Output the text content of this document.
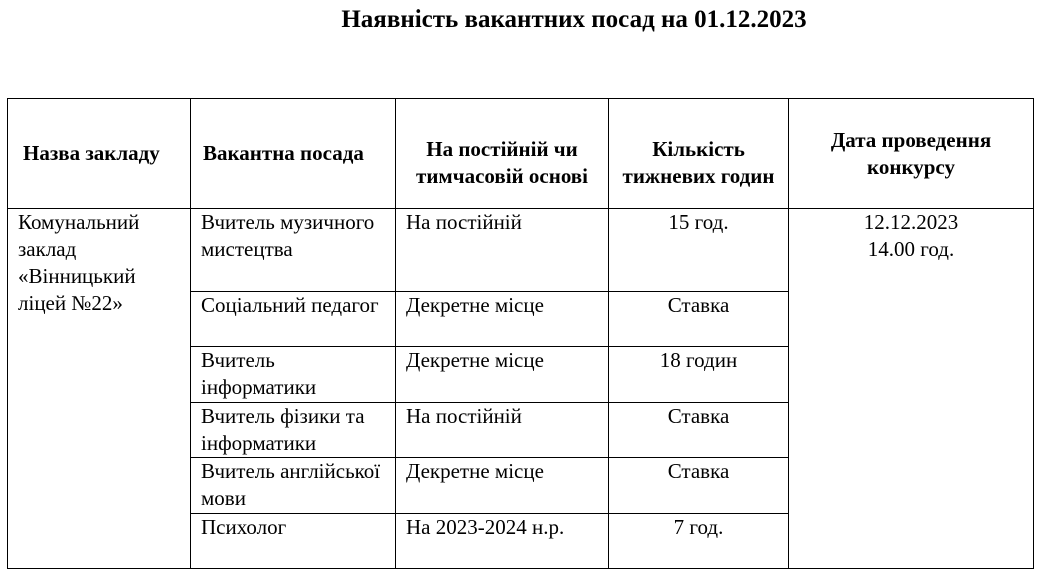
Наявність вакантних посад на 01.12.2023
Назва закладу	Вакантна посада	На постійній чи тимчасовій основі	Кількість тижневих годин	Дата проведення конкурсу

Комунальний заклад «Вінницький ліцей №22»	Вчитель музичного мистецтва	На постійній	15 год.	12.12.2023
14.00 год.

	Соціальний педагог	Декретне місце	Ставка	
	Вчитель інформатики	Декретне місце	18 годин	
	Вчитель фізики та інформатики	На постійній	Ставка	
	Вчитель англійської мови	Декретне місце	Ставка	
	Психолог	На 2023-2024 н.р.	7 год.	
